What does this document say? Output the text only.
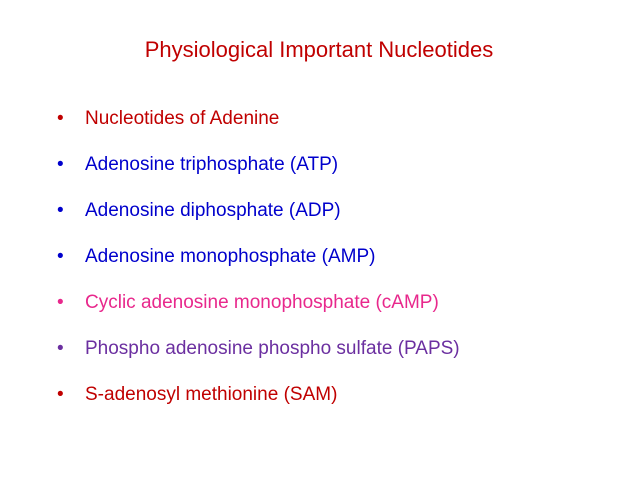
Physiological Important Nucleotides
•	Nucleotides of Adenine
•	Adenosine triphosphate (ATP)
•	Adenosine diphosphate (ADP)
•	Adenosine monophosphate (AMP)
•	Cyclic adenosine monophosphate (cAMP)
•	Phospho adenosine phospho sulfate (PAPS)
•	S-adenosyl methionine (SAM)
